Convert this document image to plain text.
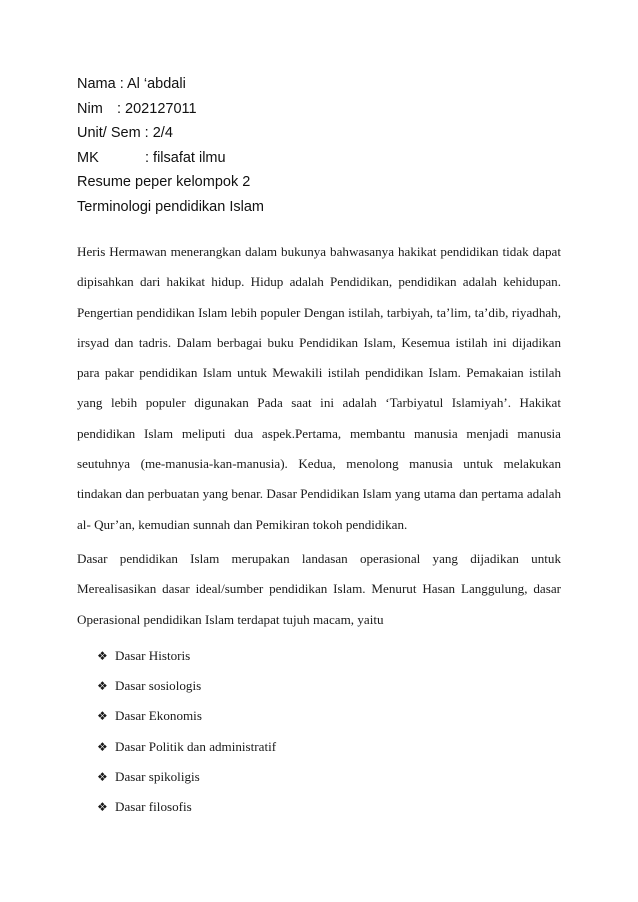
Nama : Al ‘abdali
Nim : 202127011
Unit/ Sem : 2/4
MK	: filsafat ilmu
Resume peper kelompok 2
Terminologi pendidikan Islam

Heris Hermawan menerangkan dalam bukunya bahwasanya hakikat pendidikan tidak dapat dipisahkan dari hakikat hidup. Hidup adalah Pendidikan, pendidikan adalah kehidupan. Pengertian pendidikan Islam lebih populer Dengan istilah, tarbiyah, ta’lim, ta’dib, riyadhah, irsyad dan tadris. Dalam berbagai buku Pendidikan Islam, Kesemua istilah ini dijadikan para pakar pendidikan Islam untuk Mewakili istilah pendidikan Islam. Pemakaian istilah yang lebih populer digunakan Pada saat ini adalah ‘Tarbiyatul Islamiyah’. Hakikat pendidikan Islam meliputi dua aspek.Pertama, membantu manusia menjadi manusia seutuhnya (me-manusia-kan-manusia). Kedua, menolong manusia untuk melakukan tindakan dan perbuatan yang benar. Dasar Pendidikan Islam yang utama dan pertama adalah al- Qur’an, kemudian sunnah dan Pemikiran tokoh pendidikan.

Dasar pendidikan Islam merupakan landasan operasional yang dijadikan untuk Merealisasikan dasar ideal/sumber pendidikan Islam. Menurut Hasan Langgulung, dasar Operasional pendidikan Islam terdapat tujuh macam, yaitu

❖ Dasar Historis
❖ Dasar sosiologis
❖ Dasar Ekonomis
❖ Dasar Politik dan administratif
❖ Dasar spikoligis
❖ Dasar filosofis
